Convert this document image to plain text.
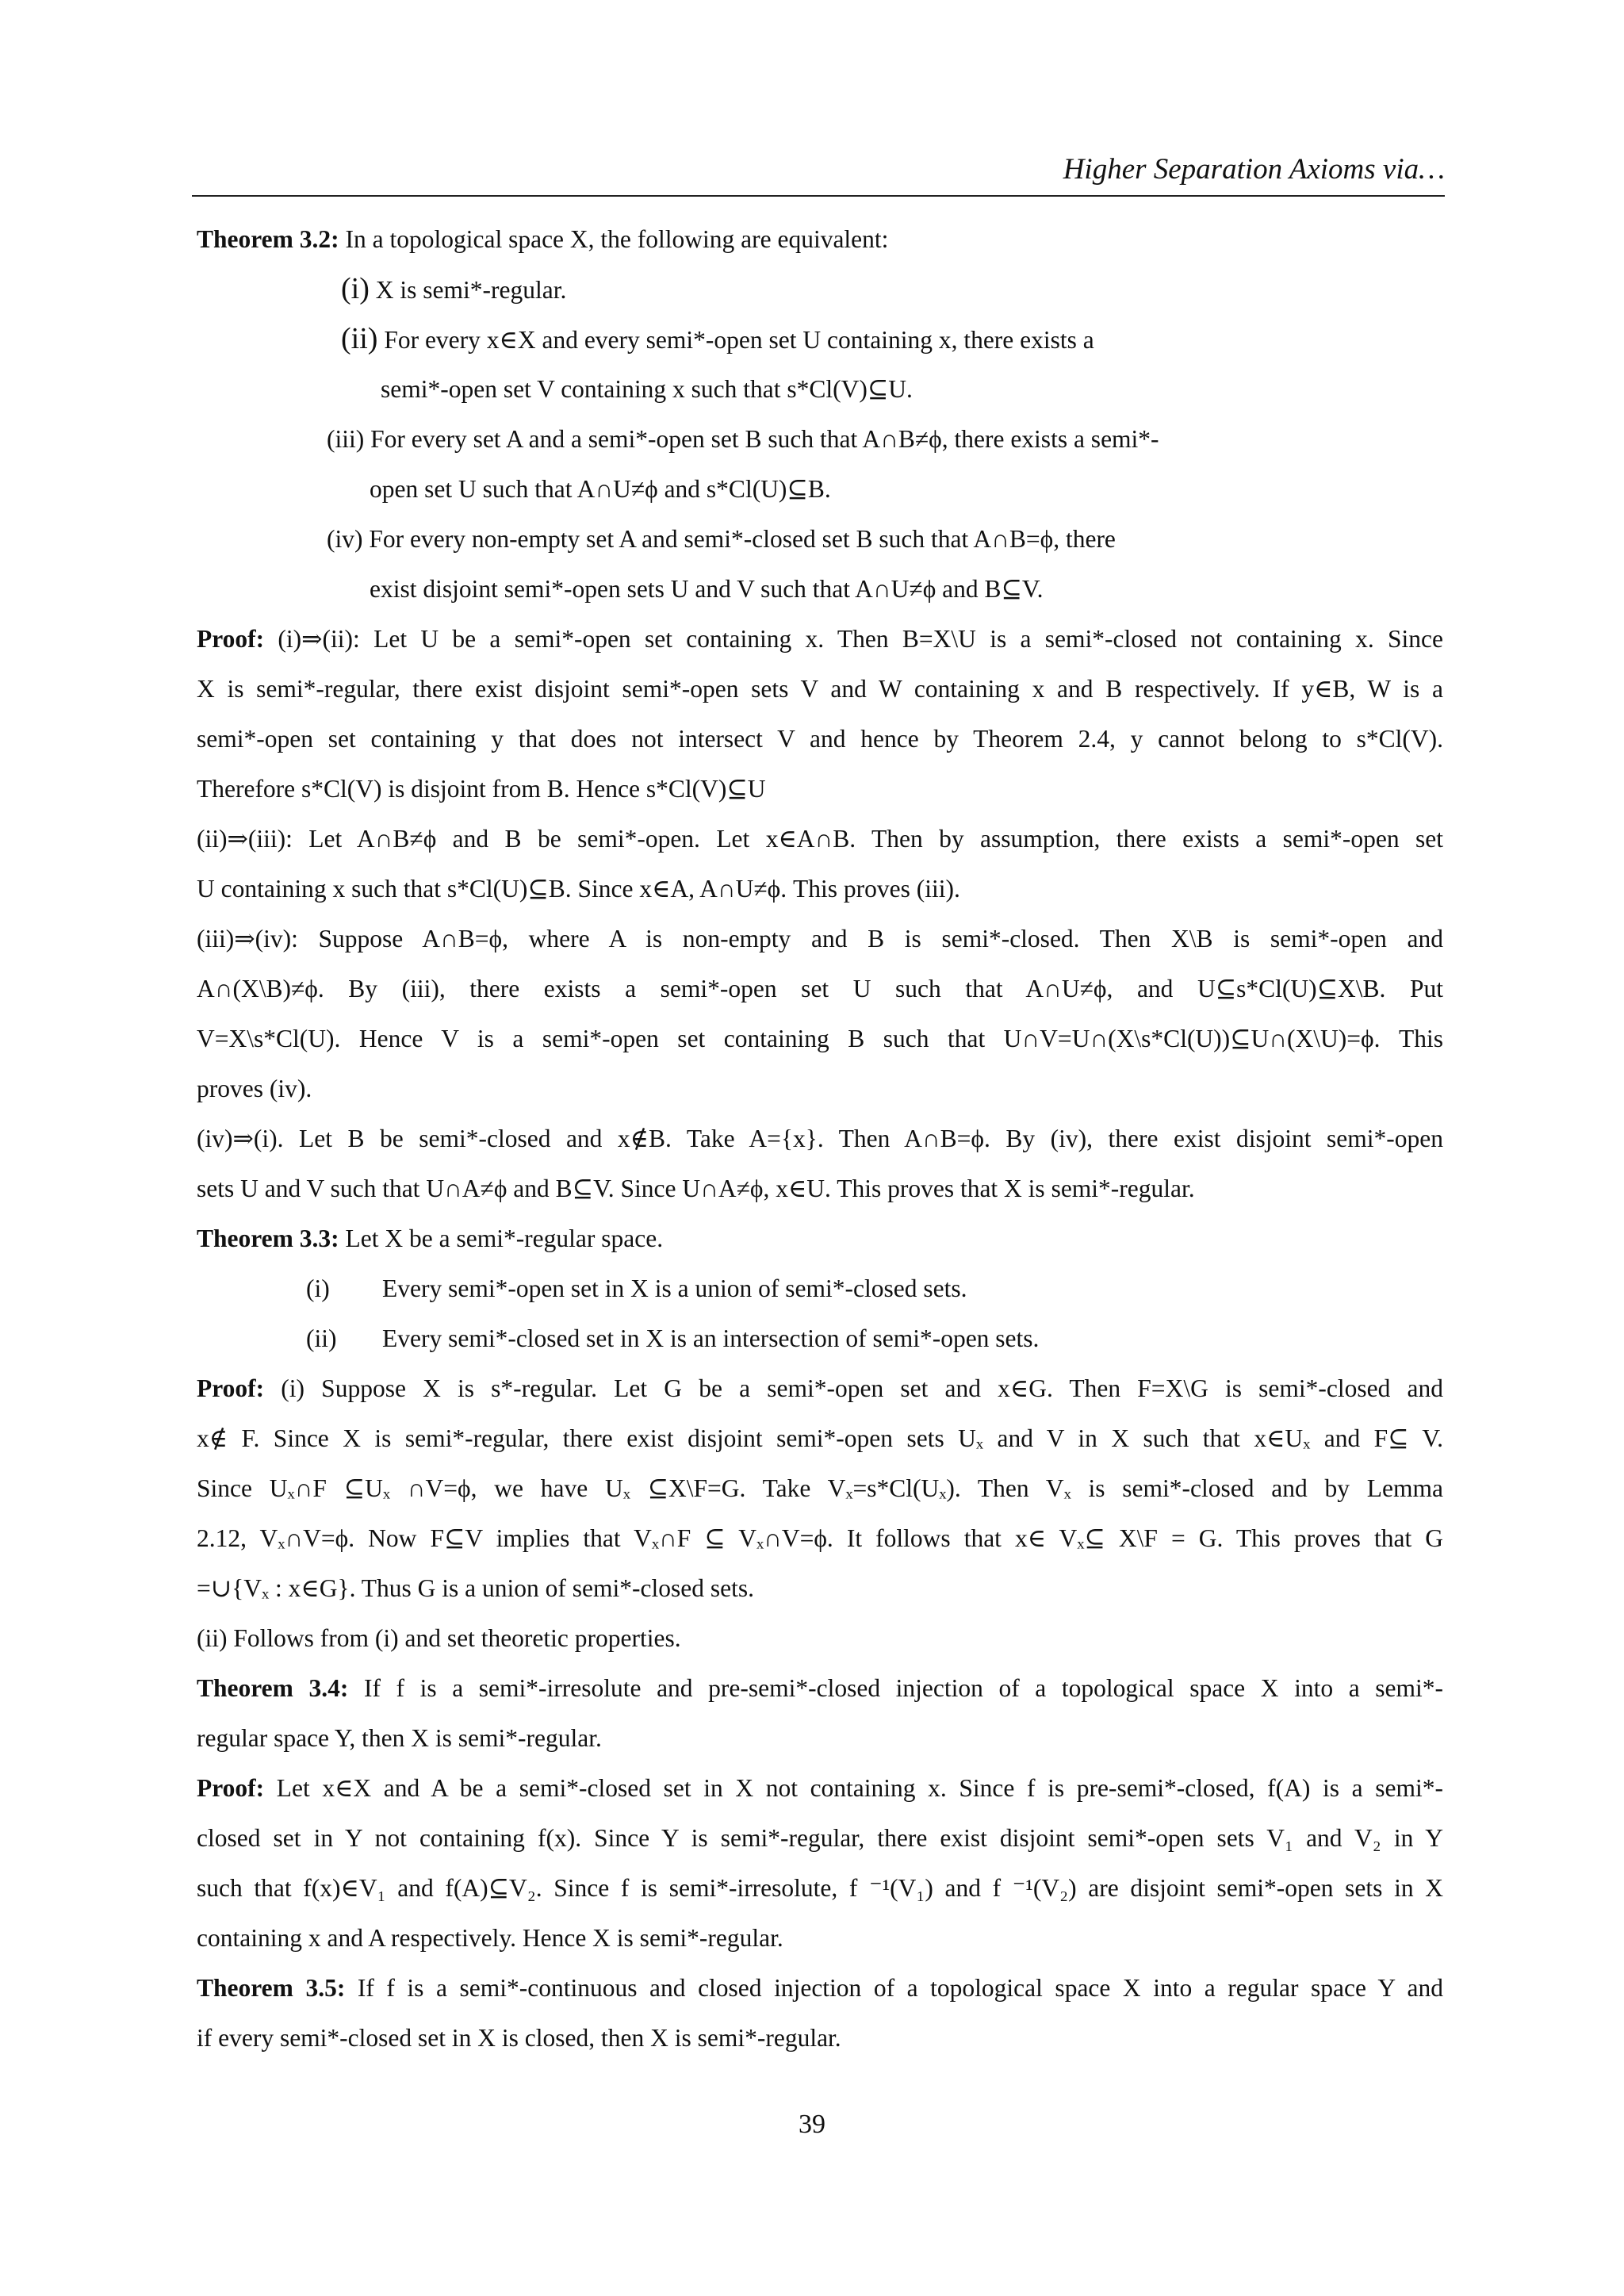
Higher Separation Axioms via…
Theorem 3.2: In a topological space X, the following are equivalent:
(i) X is semi*-regular.
(ii) For every x∈X and every semi*-open set U containing x, there exists a
semi*-open set V containing x such that s*Cl(V)⊆U.
(iii) For every set A and a semi*-open set B such that A∩B≠ϕ, there exists a semi*-
open set U such that A∩U≠ϕ and s*Cl(U)⊆B.
(iv) For every non-empty set A and semi*-closed set B such that A∩B=ϕ, there
exist disjoint semi*-open sets U and V such that A∩U≠ϕ and B⊆V.
Proof: (i)⇒(ii): Let U be a semi*-open set containing x. Then B=X\U is a semi*-closed not containing x. Since
X is semi*-regular, there exist disjoint semi*-open sets V and W containing x and B respectively. If y∈B, W is a
semi*-open set containing y that does not intersect V and hence by Theorem 2.4, y cannot belong to s*Cl(V).
Therefore s*Cl(V) is disjoint from B. Hence s*Cl(V)⊆U
(ii)⇒(iii): Let A∩B≠ϕ and B be semi*-open. Let x∈A∩B. Then by assumption, there exists a semi*-open set
U containing x such that s*Cl(U)⊆B. Since x∈A, A∩U≠ϕ. This proves (iii).
(iii)⇒(iv): Suppose A∩B=ϕ, where A is non-empty and B is semi*-closed. Then X\B is semi*-open and
A∩(X\B)≠ϕ. By (iii), there exists a semi*-open set U such that A∩U≠ϕ, and U⊆s*Cl(U)⊆X\B. Put
V=X\s*Cl(U). Hence V is a semi*-open set containing B such that U∩V=U∩(X\s*Cl(U))⊆U∩(X\U)=ϕ. This
proves (iv).
(iv)⇒(i). Let B be semi*-closed and x∉B. Take A={x}. Then A∩B=ϕ. By (iv), there exist disjoint semi*-open
sets U and V such that U∩A≠ϕ and B⊆V. Since U∩A≠ϕ, x∈U. This proves that X is semi*-regular.
Theorem 3.3: Let X be a semi*-regular space.
(i) Every semi*-open set in X is a union of semi*-closed sets.
(ii) Every semi*-closed set in X is an intersection of semi*-open sets.
Proof: (i) Suppose X is s*-regular. Let G be a semi*-open set and x∈G. Then F=X\G is semi*-closed and
x∉ F. Since X is semi*-regular, there exist disjoint semi*-open sets Uₓ and V in X such that x∈Uₓ and F⊆ V.
Since Uₓ∩F ⊆Uₓ ∩V=ϕ, we have Uₓ ⊆X\F=G. Take Vₓ=s*Cl(Uₓ). Then Vₓ is semi*-closed and by Lemma
2.12, Vₓ∩V=ϕ. Now F⊆V implies that Vₓ∩F ⊆ Vₓ∩V=ϕ. It follows that x∈ Vₓ⊆ X\F = G. This proves that G
=∪{Vₓ : x∈G}. Thus G is a union of semi*-closed sets.
(ii) Follows from (i) and set theoretic properties.
Theorem 3.4: If f is a semi*-irresolute and pre-semi*-closed injection of a topological space X into a semi*-
regular space Y, then X is semi*-regular.
Proof: Let x∈X and A be a semi*-closed set in X not containing x. Since f is pre-semi*-closed, f(A) is a semi*-
closed set in Y not containing f(x). Since Y is semi*-regular, there exist disjoint semi*-open sets V₁ and V₂ in Y
such that f(x)∈V₁ and f(A)⊆V₂. Since f is semi*-irresolute, f ⁻¹(V₁) and f ⁻¹(V₂) are disjoint semi*-open sets in X
containing x and A respectively. Hence X is semi*-regular.
Theorem 3.5: If f is a semi*-continuous and closed injection of a topological space X into a regular space Y and
if every semi*-closed set in X is closed, then X is semi*-regular.
39
